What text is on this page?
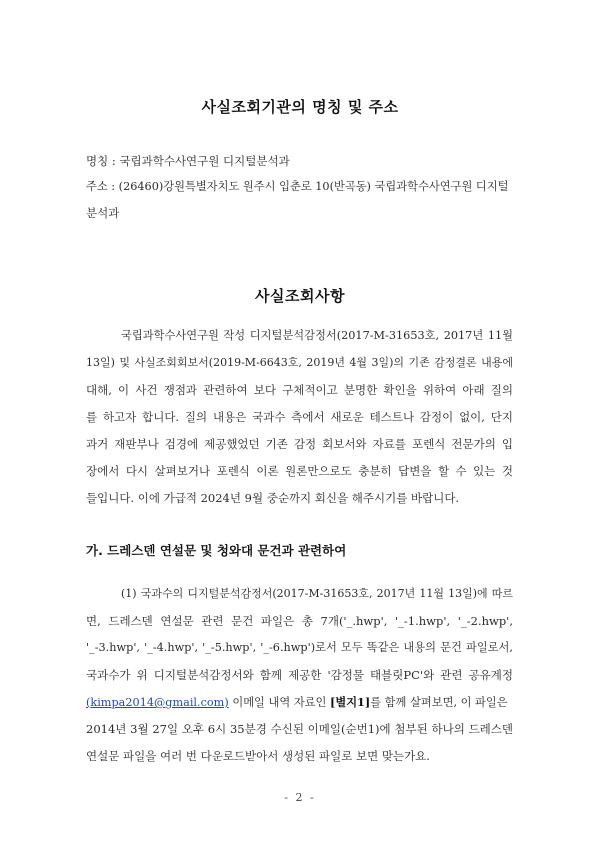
사실조회기관의 명칭 및 주소
명칭 : 국립과학수사연구원 디지털분석과
주소 : (26460)강원특별자치도 원주시 입춘로 10(반곡동) 국립과학수사연구원 디지털
분석과
사실조회사항
국립과학수사연구원 작성 디지털분석감정서(2017-M-31653호, 2017년 11월
13일) 및 사실조회회보서(2019-M-6643호, 2019년 4월 3일)의 기존 감정결론 내용에
대해, 이 사건 쟁점과 관련하여 보다 구체적이고 분명한 확인을 위하여 아래 질의
를 하고자 합니다. 질의 내용은 국과수 측에서 새로운 테스트나 감정이 없이, 단지
과거 재판부나 검경에 제공했었던 기존 감정 회보서와 자료를 포렌식 전문가의 입
장에서 다시 살펴보거나 포렌식 이론 원론만으로도 충분히 답변을 할 수 있는 것
들입니다. 이에 가급적 2024년 9월 중순까지 회신을 해주시기를 바랍니다.
가. 드레스덴 연설문 및 청와대 문건과 관련하여
(1) 국과수의 디지털분석감정서(2017-M-31653호, 2017년 11월 13일)에 따르
면, 드레스덴 연설문 관련 문건 파일은 총 7개('_.hwp', '_-1.hwp', '_-2.hwp',
'_-3.hwp', '_-4.hwp', '_-5.hwp', '_-6.hwp')로서 모두 똑같은 내용의 문건 파일로서,
국과수가 위 디지털분석감정서와 함께 제공한 '감정물 태블릿PC'와 관련 공유계정
(kimpa2014@gmail.com) 이메일 내역 자료인 [별지1]를 함께 살펴보면, 이 파일은
2014년 3월 27일 오후 6시 35분경 수신된 이메일(순번1)에 첨부된 하나의 드레스덴
연설문 파일을 여러 번 다운로드받아서 생성된 파일로 보면 맞는가요.
- 2 -
